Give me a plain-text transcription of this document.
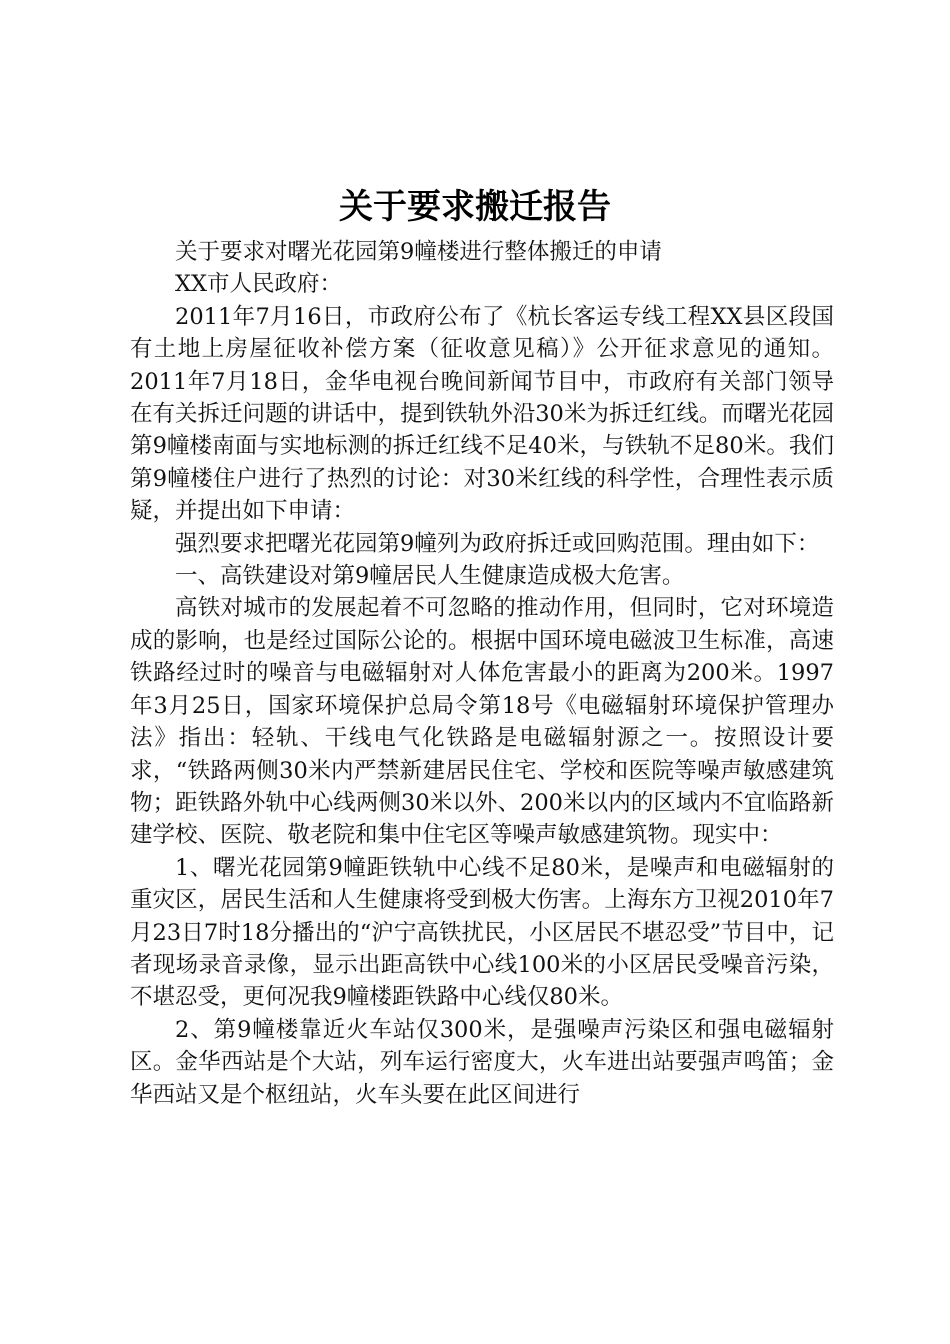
关于要求搬迁报告

关于要求对曙光花园第9幢楼进行整体搬迁的申请

XX市人民政府：

2011年7月16日，市政府公布了《杭长客运专线工程XX县区段国有土地上房屋征收补偿方案（征收意见稿）》公开征求意见的通知。2011年7月18日，金华电视台晚间新闻节目中，市政府有关部门领导在有关拆迁问题的讲话中，提到铁轨外沿30米为拆迁红线。而曙光花园第9幢楼南面与实地标测的拆迁红线不足40米，与铁轨不足80米。我们第9幢楼住户进行了热烈的讨论：对30米红线的科学性，合理性表示质疑，并提出如下申请：

强烈要求把曙光花园第9幢列为政府拆迁或回购范围。理由如下：

一、高铁建设对第9幢居民人生健康造成极大危害。

高铁对城市的发展起着不可忽略的推动作用，但同时，它对环境造成的影响，也是经过国际公论的。根据中国环境电磁波卫生标准，高速铁路经过时的噪音与电磁辐射对人体危害最小的距离为200米。1997年3月25日，国家环境保护总局令第18号《电磁辐射环境保护管理办法》指出：轻轨、干线电气化铁路是电磁辐射源之一。按照设计要求，“铁路两侧30米内严禁新建居民住宅、学校和医院等噪声敏感建筑物；距铁路外轨中心线两侧30米以外、200米以内的区域内不宜临路新建学校、医院、敬老院和集中住宅区等噪声敏感建筑物。现实中：

1、曙光花园第9幢距铁轨中心线不足80米，是噪声和电磁辐射的重灾区，居民生活和人生健康将受到极大伤害。上海东方卫视2010年7月23日7时18分播出的“沪宁高铁扰民，小区居民不堪忍受”节目中，记者现场录音录像，显示出距高铁中心线100米的小区居民受噪音污染，不堪忍受，更何况我9幢楼距铁路中心线仅80米。

2、第9幢楼靠近火车站仅300米，是强噪声污染区和强电磁辐射区。金华西站是个大站，列车运行密度大，火车进出站要强声鸣笛；金华西站又是个枢纽站，火车头要在此区间进行
